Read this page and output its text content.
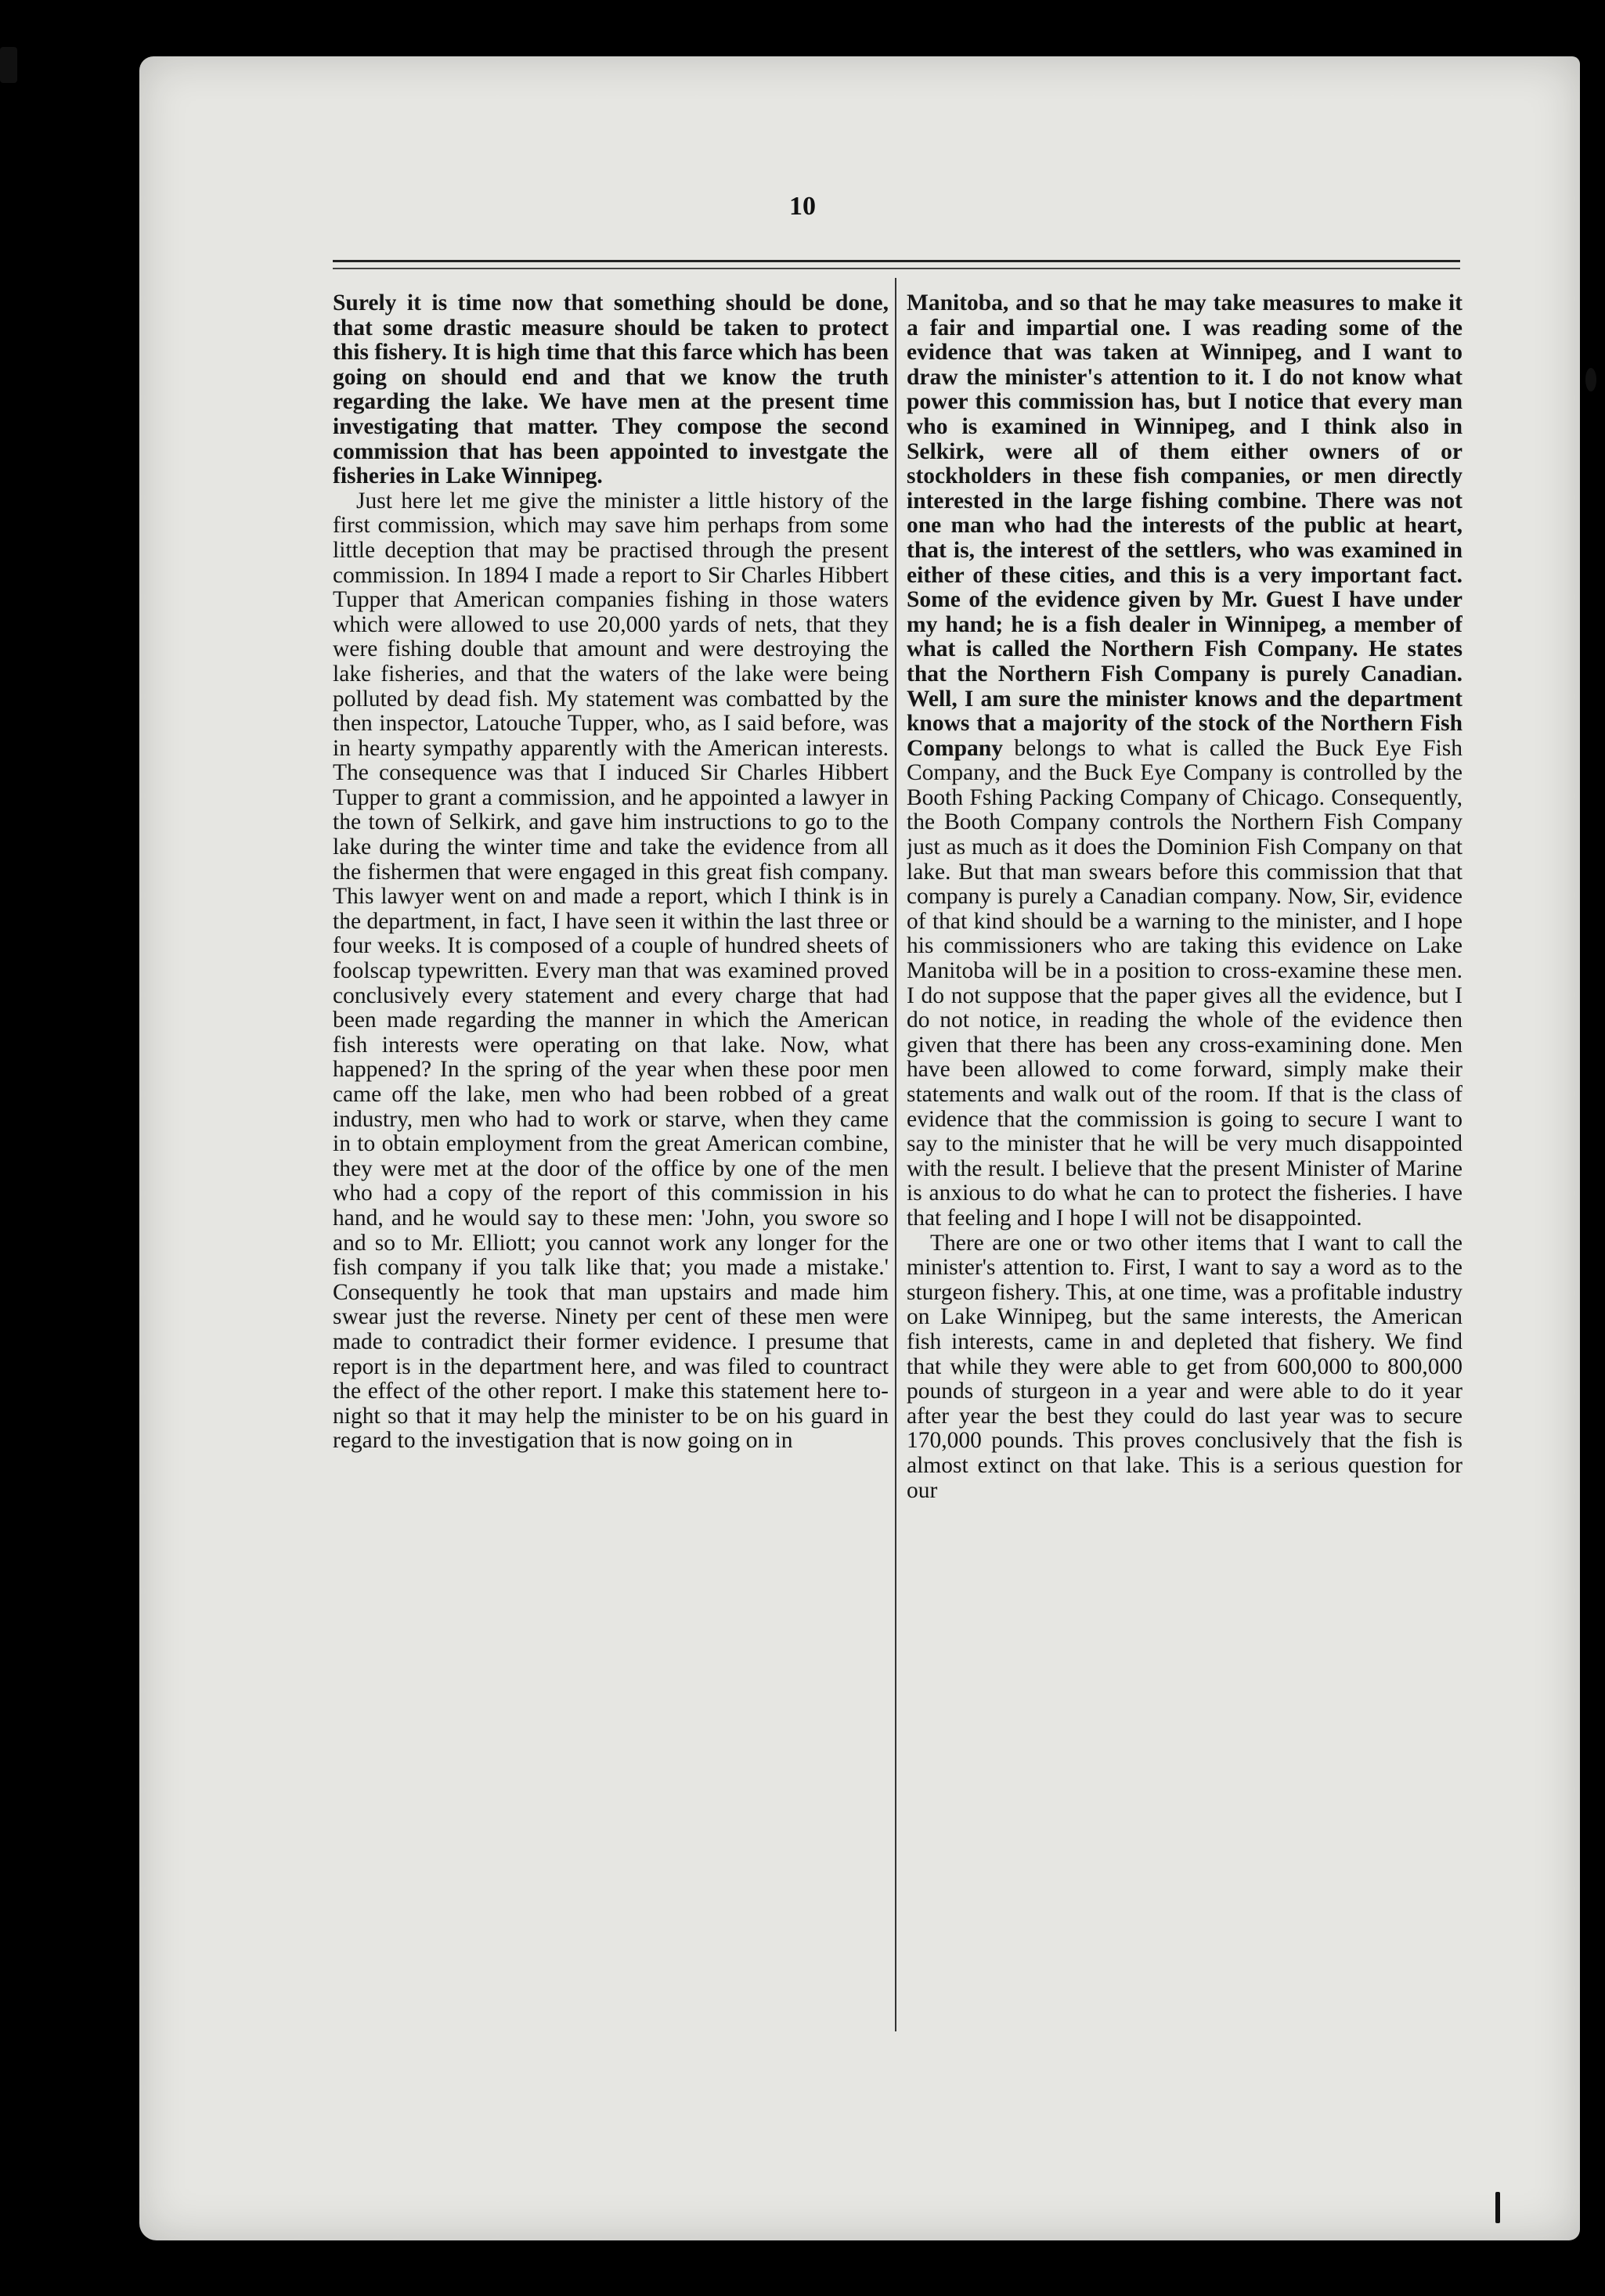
10

Surely it is time now that something should be done, that some drastic measure should be taken to protect this fishery. It is high time that this farce which has been going on should end and that we know the truth regarding the lake. We have men at the present time investigating that matter. They compose the second commission that has been appointed to investgate the fisheries in Lake Winnipeg.

Just here let me give the minister a little history of the first commission, which may save him perhaps from some little deception that may be practised through the present commission. In 1894 I made a report to Sir Charles Hibbert Tupper that American companies fishing in those waters which were allowed to use 20,000 yards of nets, that they were fishing double that amount and were destroying the lake fisheries, and that the waters of the lake were being polluted by dead fish. My statement was combatted by the then inspector, Latouche Tupper, who, as I said before, was in hearty sympathy apparently with the American interests. The consequence was that I induced Sir Charles Hibbert Tupper to grant a commission, and he appointed a lawyer in the town of Selkirk, and gave him instructions to go to the lake during the winter time and take the evidence from all the fishermen that were engaged in this great fish company. This lawyer went on and made a report, which I think is in the department, in fact, I have seen it within the last three or four weeks. It is composed of a couple of hundred sheets of foolscap typewritten. Every man that was examined proved conclusively every statement and every charge that had been made regarding the manner in which the American fish interests were operating on that lake. Now, what happened? In the spring of the year when these poor men came off the lake, men who had been robbed of a great industry, men who had to work or starve, when they came in to obtain employment from the great American combine, they were met at the door of the office by one of the men who had a copy of the report of this commission in his hand, and he would say to these men: 'John, you swore so and so to Mr. Elliott; you cannot work any longer for the fish company if you talk like that; you made a mistake.' Consequently he took that man upstairs and made him swear just the reverse. Ninety per cent of these men were made to contradict their former evidence. I presume that report is in the department here, and was filed to countract the effect of the other report. I make this statement here to-night so that it may help the minister to be on his guard in regard to the investigation that is now going on in

Manitoba, and so that he may take measures to make it a fair and impartial one. I was reading some of the evidence that was taken at Winnipeg, and I want to draw the minister's attention to it. I do not know what power this commission has, but I notice that every man who is examined in Winnipeg, and I think also in Selkirk, were all of them either owners of or stockholders in these fish companies, or men directly interested in the large fishing combine. There was not one man who had the interests of the public at heart, that is, the interest of the settlers, who was examined in either of these cities, and this is a very important fact. Some of the evidence given by Mr. Guest I have under my hand; he is a fish dealer in Winnipeg, a member of what is called the Northern Fish Company. He states that the Northern Fish Company is purely Canadian. Well, I am sure the minister knows and the department knows that a majority of the stock of the Northern Fish Company belongs to what is called the Buck Eye Fish Company, and the Buck Eye Company is controlled by the Booth Fshing Packing Company of Chicago. Consequently, the Booth Company controls the Northern Fish Company just as much as it does the Dominion Fish Company on that lake. But that man swears before this commission that that company is purely a Canadian company. Now, Sir, evidence of that kind should be a warning to the minister, and I hope his commissioners who are taking this evidence on Lake Manitoba will be in a position to cross-examine these men. I do not suppose that the paper gives all the evidence, but I do not notice, in reading the whole of the evidence then given that there has been any cross-examining done. Men have been allowed to come forward, simply make their statements and walk out of the room. If that is the class of evidence that the commission is going to secure I want to say to the minister that he will be very much disappointed with the result. I believe that the present Minister of Marine is anxious to do what he can to protect the fisheries. I have that feeling and I hope I will not be disappointed.

There are one or two other items that I want to call the minister's attention to. First, I want to say a word as to the sturgeon fishery. This, at one time, was a profitable industry on Lake Winnipeg, but the same interests, the American fish interests, came in and depleted that fishery. We find that while they were able to get from 600,000 to 800,000 pounds of sturgeon in a year and were able to do it year after year the best they could do last year was to secure 170,000 pounds. This proves conclusively that the fish is almost extinct on that lake. This is a serious question for our
